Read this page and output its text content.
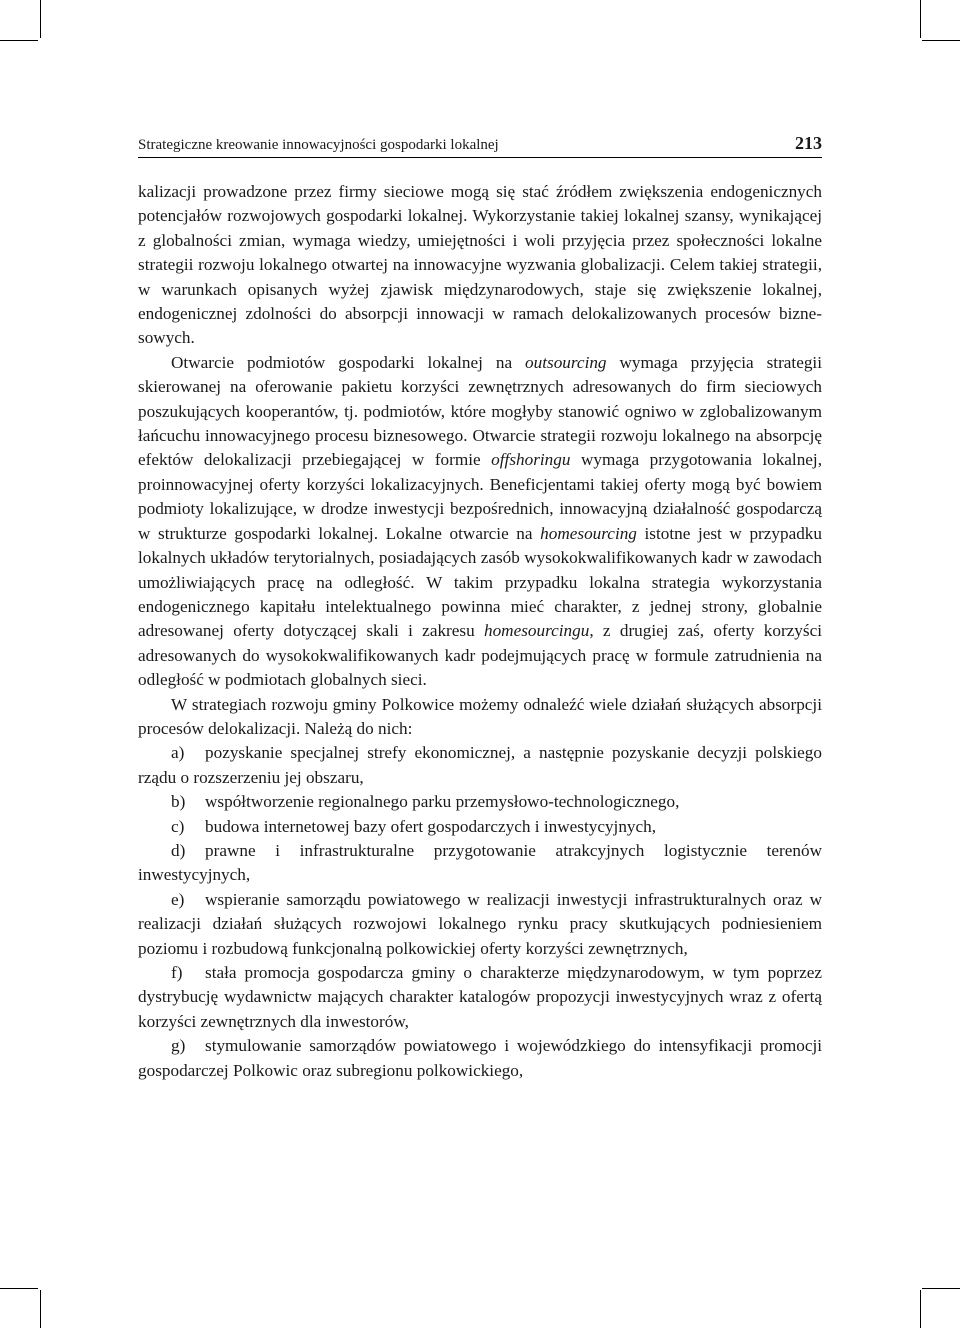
Strategiczne kreowanie innowacyjności gospodarki lokalnej	213

kalizacji prowadzone przez firmy sieciowe mogą się stać źródłem zwiększenia endogenicznych potencjałów rozwojowych gospodarki lokalnej. Wykorzystanie takiej lokalnej szansy, wynikającej z globalności zmian, wymaga wiedzy, umiejętności i woli przyjęcia przez społeczności lokalne strategii rozwoju lokalnego otwartej na innowacyjne wyzwania globalizacji. Celem takiej strategii, w warunkach opisanych wyżej zjawisk międzynarodowych, staje się zwiększenie lokalnej, endogenicznej zdolności do absorpcji innowacji w ramach delokalizowanych procesów biznesowych.

Otwarcie podmiotów gospodarki lokalnej na outsourcing wymaga przyjęcia strategii skierowanej na oferowanie pakietu korzyści zewnętrznych adresowanych do firm sieciowych poszukujących kooperantów, tj. podmiotów, które mogłyby stanowić ogniwo w zglobalizowanym łańcuchu innowacyjnego procesu biznesowego. Otwarcie strategii rozwoju lokalnego na absorpcję efektów delokalizacji przebiegającej w formie offshoringu wymaga przygotowania lokalnej, proinnowacyjnej oferty korzyści lokalizacyjnych. Beneficjentami takiej oferty mogą być bowiem podmioty lokalizujące, w drodze inwestycji bezpośrednich, innowacyjną działalność gospodarczą w strukturze gospodarki lokalnej. Lokalne otwarcie na homesourcing istotne jest w przypadku lokalnych układów terytorialnych, posiadających zasób wysokokwalifikowanych kadr w zawodach umożliwiających pracę na odległość. W takim przypadku lokalna strategia wykorzystania endogenicznego kapitału intelektualnego powinna mieć charakter, z jednej strony, globalnie adresowanej oferty dotyczącej skali i zakresu homesourcingu, z drugiej zaś, oferty korzyści adresowanych do wysokokwalifikowanych kadr podejmujących pracę w formule zatrudnienia na odległość w podmiotach globalnych sieci.

W strategiach rozwoju gminy Polkowice możemy odnaleźć wiele działań służących absorpcji procesów delokalizacji. Należą do nich:

a) pozyskanie specjalnej strefy ekonomicznej, a następnie pozyskanie decyzji polskiego rządu o rozszerzeniu jej obszaru,

b) współtworzenie regionalnego parku przemysłowo-technologicznego,

c) budowa internetowej bazy ofert gospodarczych i inwestycyjnych,

d) prawne i infrastrukturalne przygotowanie atrakcyjnych logistycznie terenów inwestycyjnych,

e) wspieranie samorządu powiatowego w realizacji inwestycji infrastrukturalnych oraz w realizacji działań służących rozwojowi lokalnego rynku pracy skutkujących podniesieniem poziomu i rozbudową funkcjonalną polkowickiej oferty korzyści zewnętrznych,

f) stała promocja gospodarcza gminy o charakterze międzynarodowym, w tym poprzez dystrybucję wydawnictw mających charakter katalogów propozycji inwestycyjnych wraz z ofertą korzyści zewnętrznych dla inwestorów,

g) stymulowanie samorządów powiatowego i wojewódzkiego do intensyfikacji promocji gospodarczej Polkowic oraz subregionu polkowickiego,
